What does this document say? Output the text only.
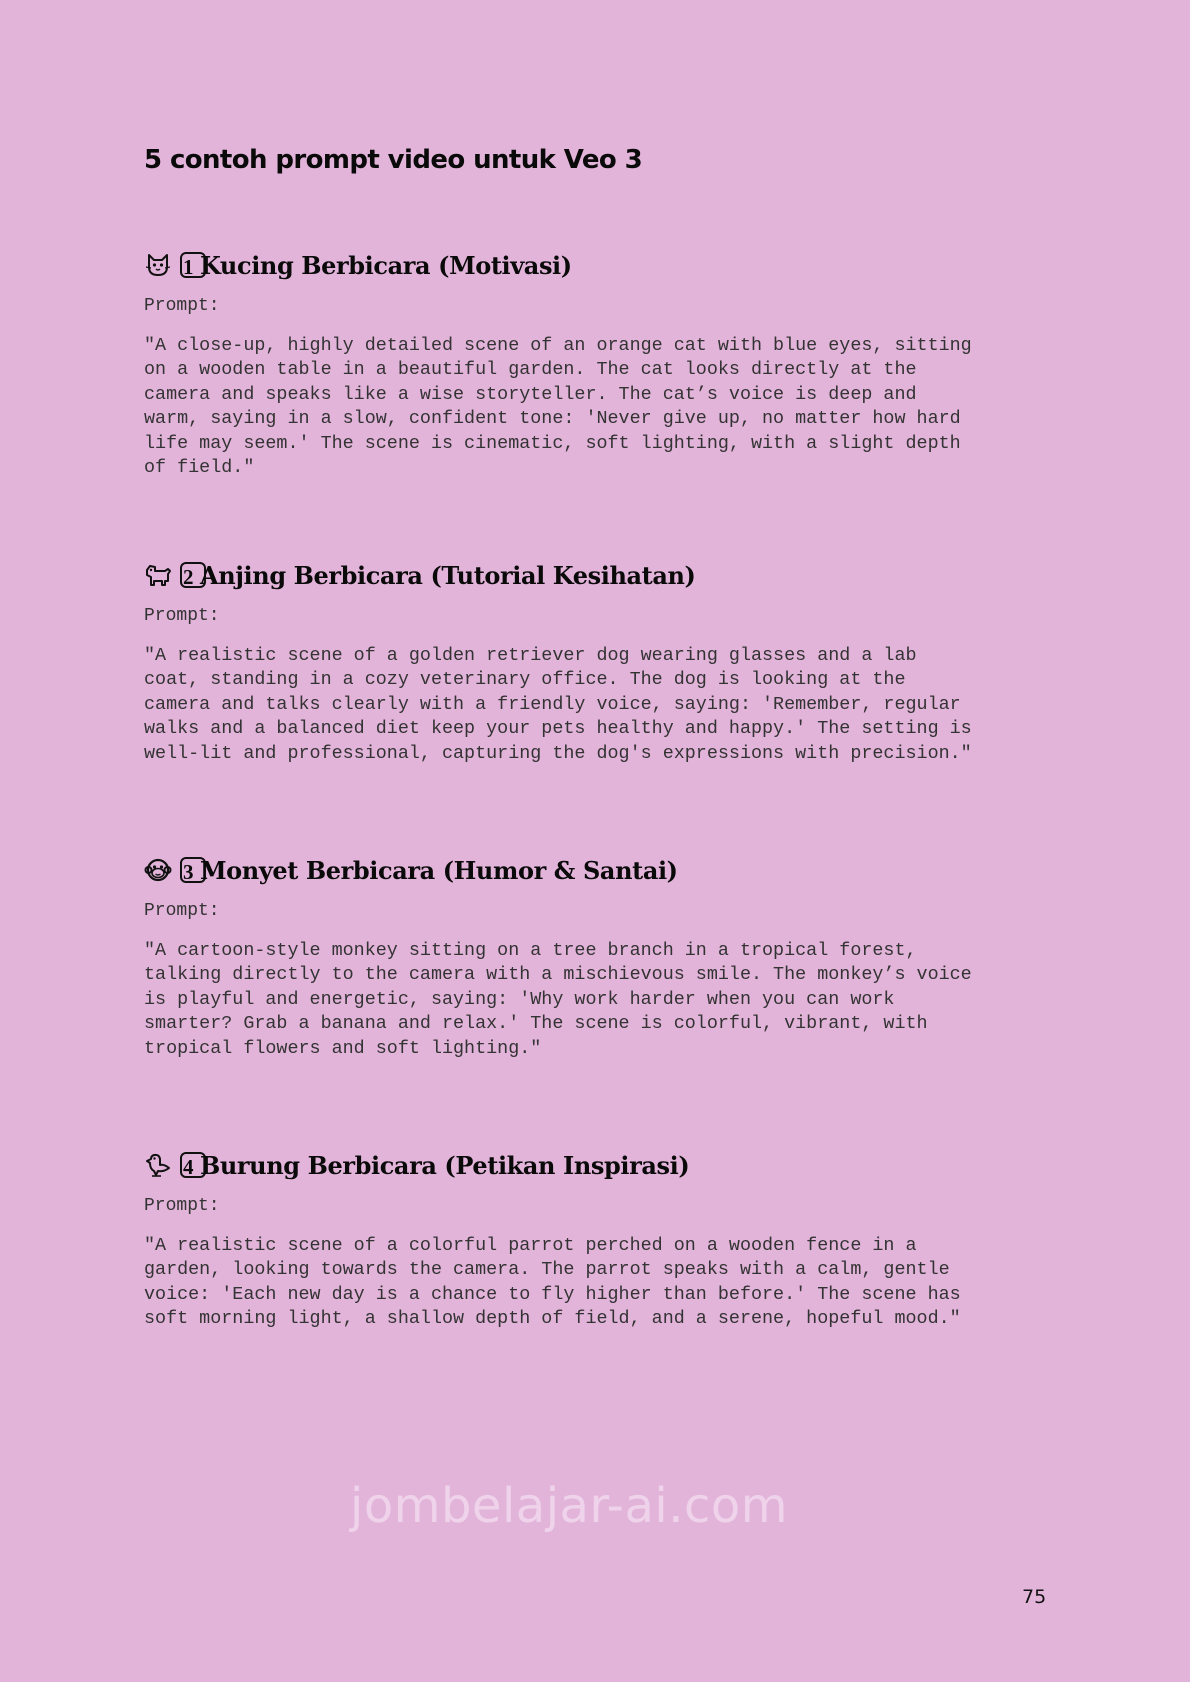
5 contoh prompt video untuk Veo 3
1 Kucing Berbicara (Motivasi)

Prompt:

"A close-up, highly detailed scene of an orange cat with blue eyes, sitting
on a wooden table in a beautiful garden. The cat looks directly at the
camera and speaks like a wise storyteller. The cat’s voice is deep and
warm, saying in a slow, confident tone: 'Never give up, no matter how hard
life may seem.' The scene is cinematic, soft lighting, with a slight depth
of field."

2 Anjing Berbicara (Tutorial Kesihatan)

Prompt:

"A realistic scene of a golden retriever dog wearing glasses and a lab
coat, standing in a cozy veterinary office. The dog is looking at the
camera and talks clearly with a friendly voice, saying: 'Remember, regular
walks and a balanced diet keep your pets healthy and happy.' The setting is
well-lit and professional, capturing the dog's expressions with precision."

3 Monyet Berbicara (Humor & Santai)

Prompt:

"A cartoon-style monkey sitting on a tree branch in a tropical forest,
talking directly to the camera with a mischievous smile. The monkey’s voice
is playful and energetic, saying: 'Why work harder when you can work
smarter? Grab a banana and relax.' The scene is colorful, vibrant, with
tropical flowers and soft lighting."

4 Burung Berbicara (Petikan Inspirasi)

Prompt:

"A realistic scene of a colorful parrot perched on a wooden fence in a
garden, looking towards the camera. The parrot speaks with a calm, gentle
voice: 'Each new day is a chance to fly higher than before.' The scene has
soft morning light, a shallow depth of field, and a serene, hopeful mood."

jombelajar-ai.com
75
